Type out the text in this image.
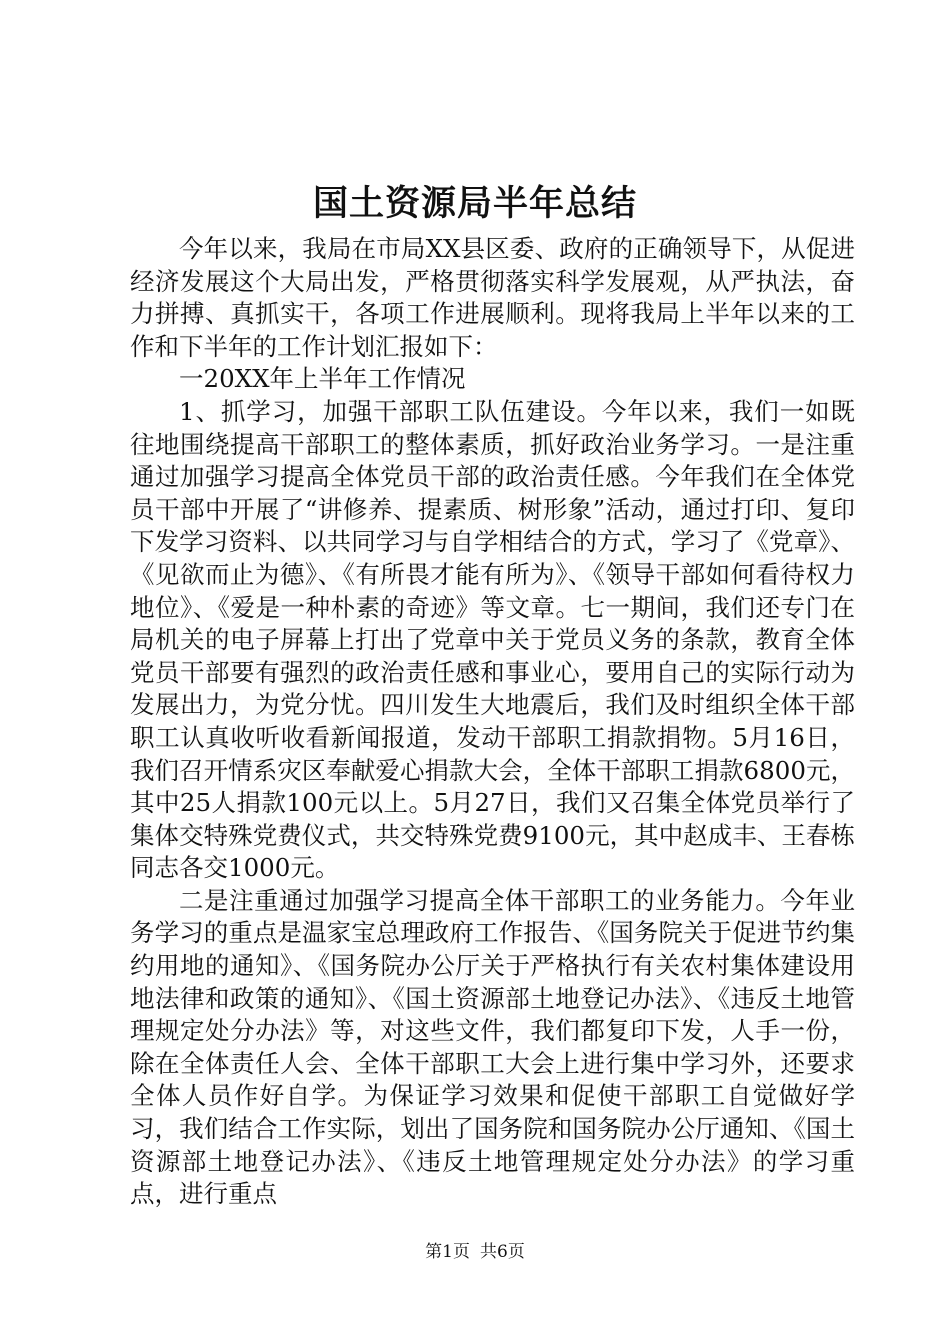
国土资源局半年总结

今年以来，我局在市局XX县区委、政府的正确领导下，从促进经济发展这个大局出发，严格贯彻落实科学发展观，从严执法，奋力拼搏、真抓实干，各项工作进展顺利。现将我局上半年以来的工作和下半年的工作计划汇报如下：

一20XX年上半年工作情况

1、抓学习，加强干部职工队伍建设。今年以来，我们一如既往地围绕提高干部职工的整体素质，抓好政治业务学习。一是注重通过加强学习提高全体党员干部的政治责任感。今年我们在全体党员干部中开展了“讲修养、提素质、树形象”活动，通过打印、复印下发学习资料、以共同学习与自学相结合的方式，学习了《党章》、《见欲而止为德》、《有所畏才能有所为》、《领导干部如何看待权力地位》、《爱是一种朴素的奇迹》等文章。七一期间，我们还专门在局机关的电子屏幕上打出了党章中关于党员义务的条款，教育全体党员干部要有强烈的政治责任感和事业心，要用自己的实际行动为发展出力，为党分忧。四川发生大地震后，我们及时组织全体干部职工认真收听收看新闻报道，发动干部职工捐款捐物。5月16日，我们召开情系灾区奉献爱心捐款大会，全体干部职工捐款6800元，其中25人捐款100元以上。5月27日，我们又召集全体党员举行了集体交特殊党费仪式，共交特殊党费9100元，其中赵成丰、王春栋同志各交1000元。

二是注重通过加强学习提高全体干部职工的业务能力。今年业务学习的重点是温家宝总理政府工作报告、《国务院关于促进节约集约用地的通知》、《国务院办公厅关于严格执行有关农村集体建设用地法律和政策的通知》、《国土资源部土地登记办法》、《违反土地管理规定处分办法》等，对这些文件，我们都复印下发，人手一份，除在全体责任人会、全体干部职工大会上进行集中学习外，还要求全体人员作好自学。为保证学习效果和促使干部职工自觉做好学习，我们结合工作实际，划出了国务院和国务院办公厅通知、《国土资源部土地登记办法》、《违反土地管理规定处分办法》的学习重点，进行重点

第1页 共6页
